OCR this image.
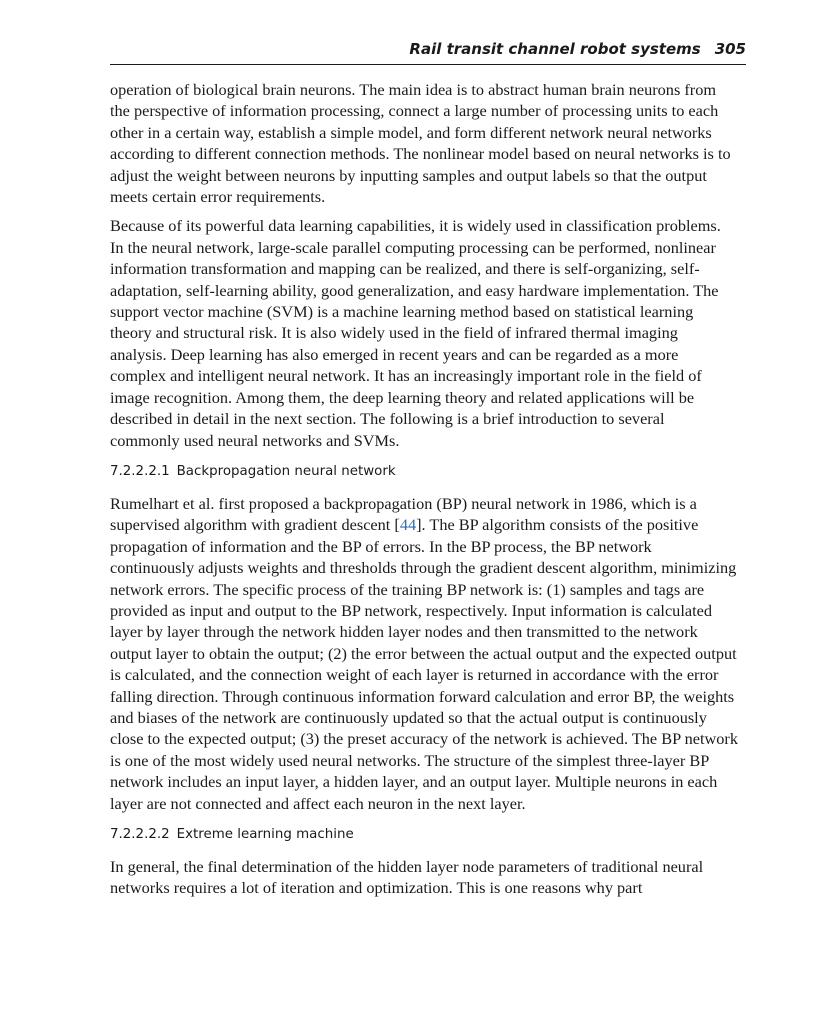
Rail transit channel robot systems 305

operation of biological brain neurons. The main idea is to abstract human brain neurons from the perspective of information processing, connect a large number of processing units to each other in a certain way, establish a simple model, and form different network neural networks according to different connection methods. The nonlinear model based on neural networks is to adjust the weight between neurons by inputting samples and output labels so that the output meets certain error requirements.

Because of its powerful data learning capabilities, it is widely used in classification problems. In the neural network, large-scale parallel computing processing can be performed, nonlinear information transformation and mapping can be realized, and there is self-organizing, self-adaptation, self-learning ability, good generalization, and easy hardware implementation. The support vector machine (SVM) is a machine learning method based on statistical learning theory and structural risk. It is also widely used in the field of infrared thermal imaging analysis. Deep learning has also emerged in recent years and can be regarded as a more complex and intelligent neural network. It has an increasingly important role in the field of image recognition. Among them, the deep learning theory and related applications will be described in detail in the next section. The following is a brief introduction to several commonly used neural networks and SVMs.

7.2.2.2.1 Backpropagation neural network

Rumelhart et al. first proposed a backpropagation (BP) neural network in 1986, which is a supervised algorithm with gradient descent [44]. The BP algorithm consists of the positive propagation of information and the BP of errors. In the BP process, the BP network continuously adjusts weights and thresholds through the gradient descent algorithm, minimizing network errors. The specific process of the training BP network is: (1) samples and tags are provided as input and output to the BP network, respectively. Input information is calculated layer by layer through the network hidden layer nodes and then transmitted to the network output layer to obtain the output; (2) the error between the actual output and the expected output is calculated, and the connection weight of each layer is returned in accordance with the error falling direction. Through continuous information forward calculation and error BP, the weights and biases of the network are continuously updated so that the actual output is continuously close to the expected output; (3) the preset accuracy of the network is achieved. The BP network is one of the most widely used neural networks. The structure of the simplest three-layer BP network includes an input layer, a hidden layer, and an output layer. Multiple neurons in each layer are not connected and affect each neuron in the next layer.

7.2.2.2.2 Extreme learning machine

In general, the final determination of the hidden layer node parameters of traditional neural networks requires a lot of iteration and optimization. This is one reasons why part
